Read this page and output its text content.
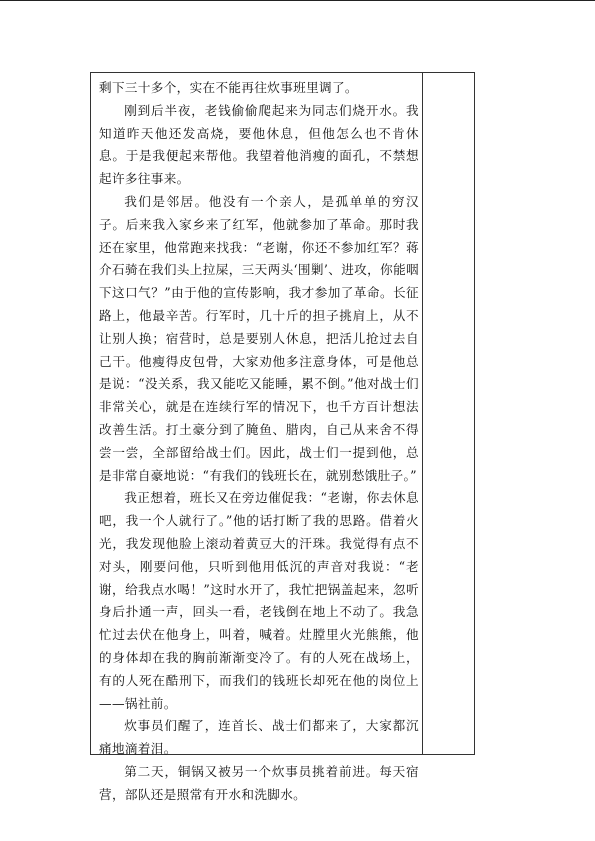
剩下三十多个，实在不能再往炊事班里调了。

刚到后半夜，老钱偷偷爬起来为同志们烧开水。我知道昨天他还发高烧，要他休息，但他怎么也不肯休息。于是我便起来帮他。我望着他消瘦的面孔，不禁想起许多往事来。

我们是邻居。他没有一个亲人，是孤单单的穷汉子。后来我入家乡来了红军，他就参加了革命。那时我还在家里，他常跑来找我：“老谢，你还不参加红军？蒋介石骑在我们头上拉屎，三天两头‘围剿’、进攻，你能咽下这口气？”由于他的宣传影响，我才参加了革命。长征路上，他最辛苦。行军时，几十斤的担子挑肩上，从不让别人换；宿营时，总是要别人休息，把活儿抢过去自己干。他瘦得皮包骨，大家劝他多注意身体，可是他总是说：“没关系，我又能吃又能睡，累不倒。”他对战士们非常关心，就是在连续行军的情况下，也千方百计想法改善生活。打土豪分到了腌鱼、腊肉，自己从来舍不得尝一尝，全部留给战士们。因此，战士们一提到他，总是非常自豪地说：“有我们的钱班长在，就别愁饿肚子。”

我正想着，班长又在旁边催促我：“老谢，你去休息吧，我一个人就行了。”他的话打断了我的思路。借着火光，我发现他脸上滚动着黄豆大的汗珠。我觉得有点不对头，刚要问他，只听到他用低沉的声音对我说：“老谢，给我点水喝！”这时水开了，我忙把锅盖起来，忽听身后扑通一声，回头一看，老钱倒在地上不动了。我急忙过去伏在他身上，叫着，喊着。灶膛里火光熊熊，他的身体却在我的胸前渐渐变冷了。有的人死在战场上，有的人死在酷刑下，而我们的钱班长却死在他的岗位上——锅社前。

炊事员们醒了，连首长、战士们都来了，大家都沉痛地滴着泪。

第二天，铜锅又被另一个炊事员挑着前进。每天宿营，部队还是照常有开水和洗脚水。
